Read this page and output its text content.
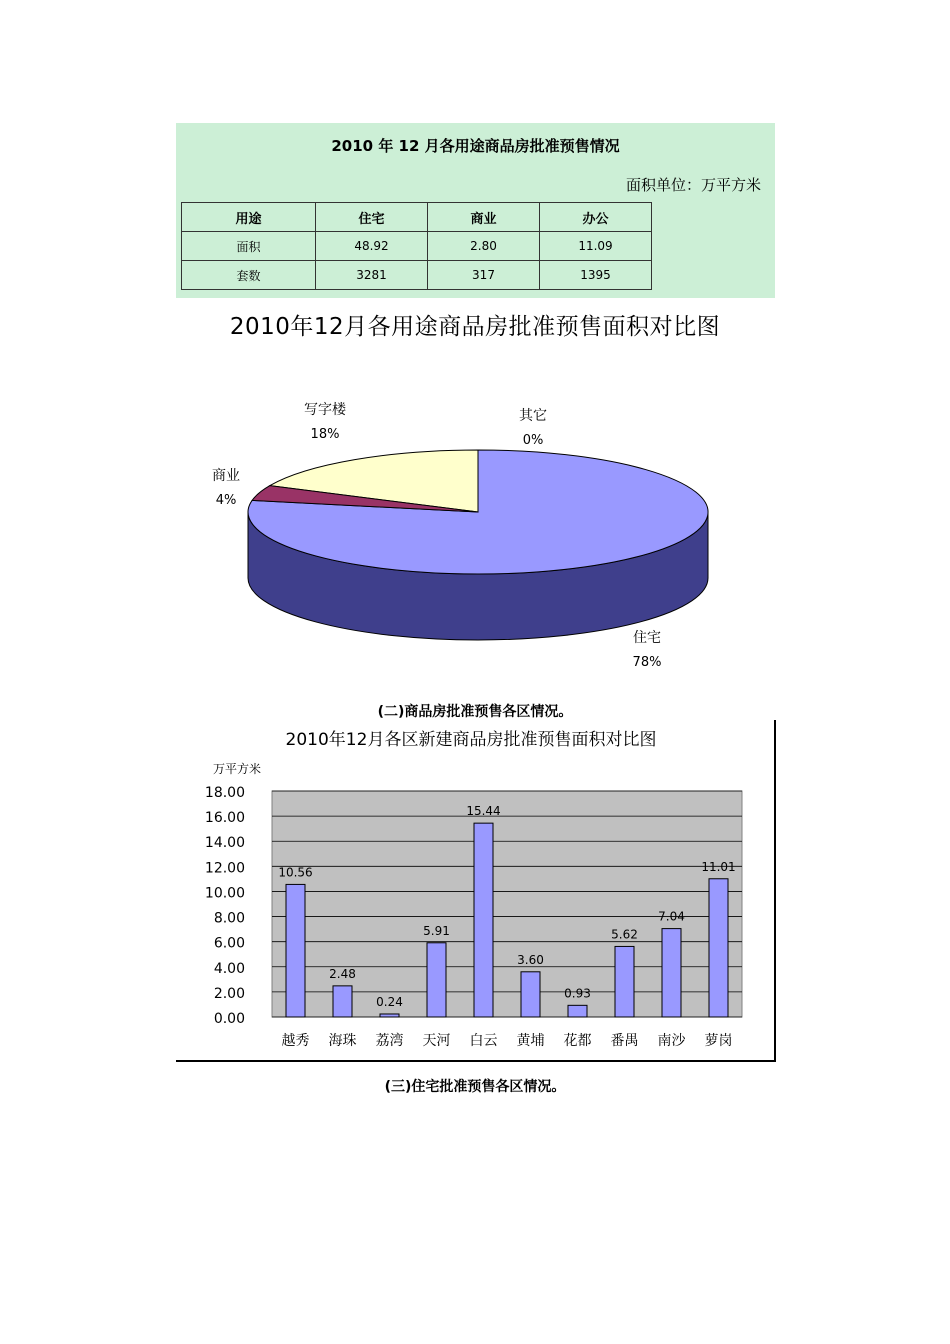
2010 年 12 月各用途商品房批准预售情况
面积单位：万平方米
用途	住宅	商业	办公
面积	48.92	2.80	11.09
套数	3281	317	1395
2010年12月各用途商品房批准预售面积对比图
写字楼
18%
其它
0%
商业
4%
住宅
78%
(二)商品房批准预售各区情况。
2010年12月各区新建商品房批准预售面积对比图
万平方米
0.00
2.00
4.00
6.00
8.00
10.00
12.00
14.00
16.00
18.00
10.56
越秀
2.48
海珠
0.24
荔湾
5.91
天河
15.44
白云
3.60
黄埔
0.93
花都
5.62
番禺
7.04
南沙
11.01
萝岗
(三)住宅批准预售各区情况。
